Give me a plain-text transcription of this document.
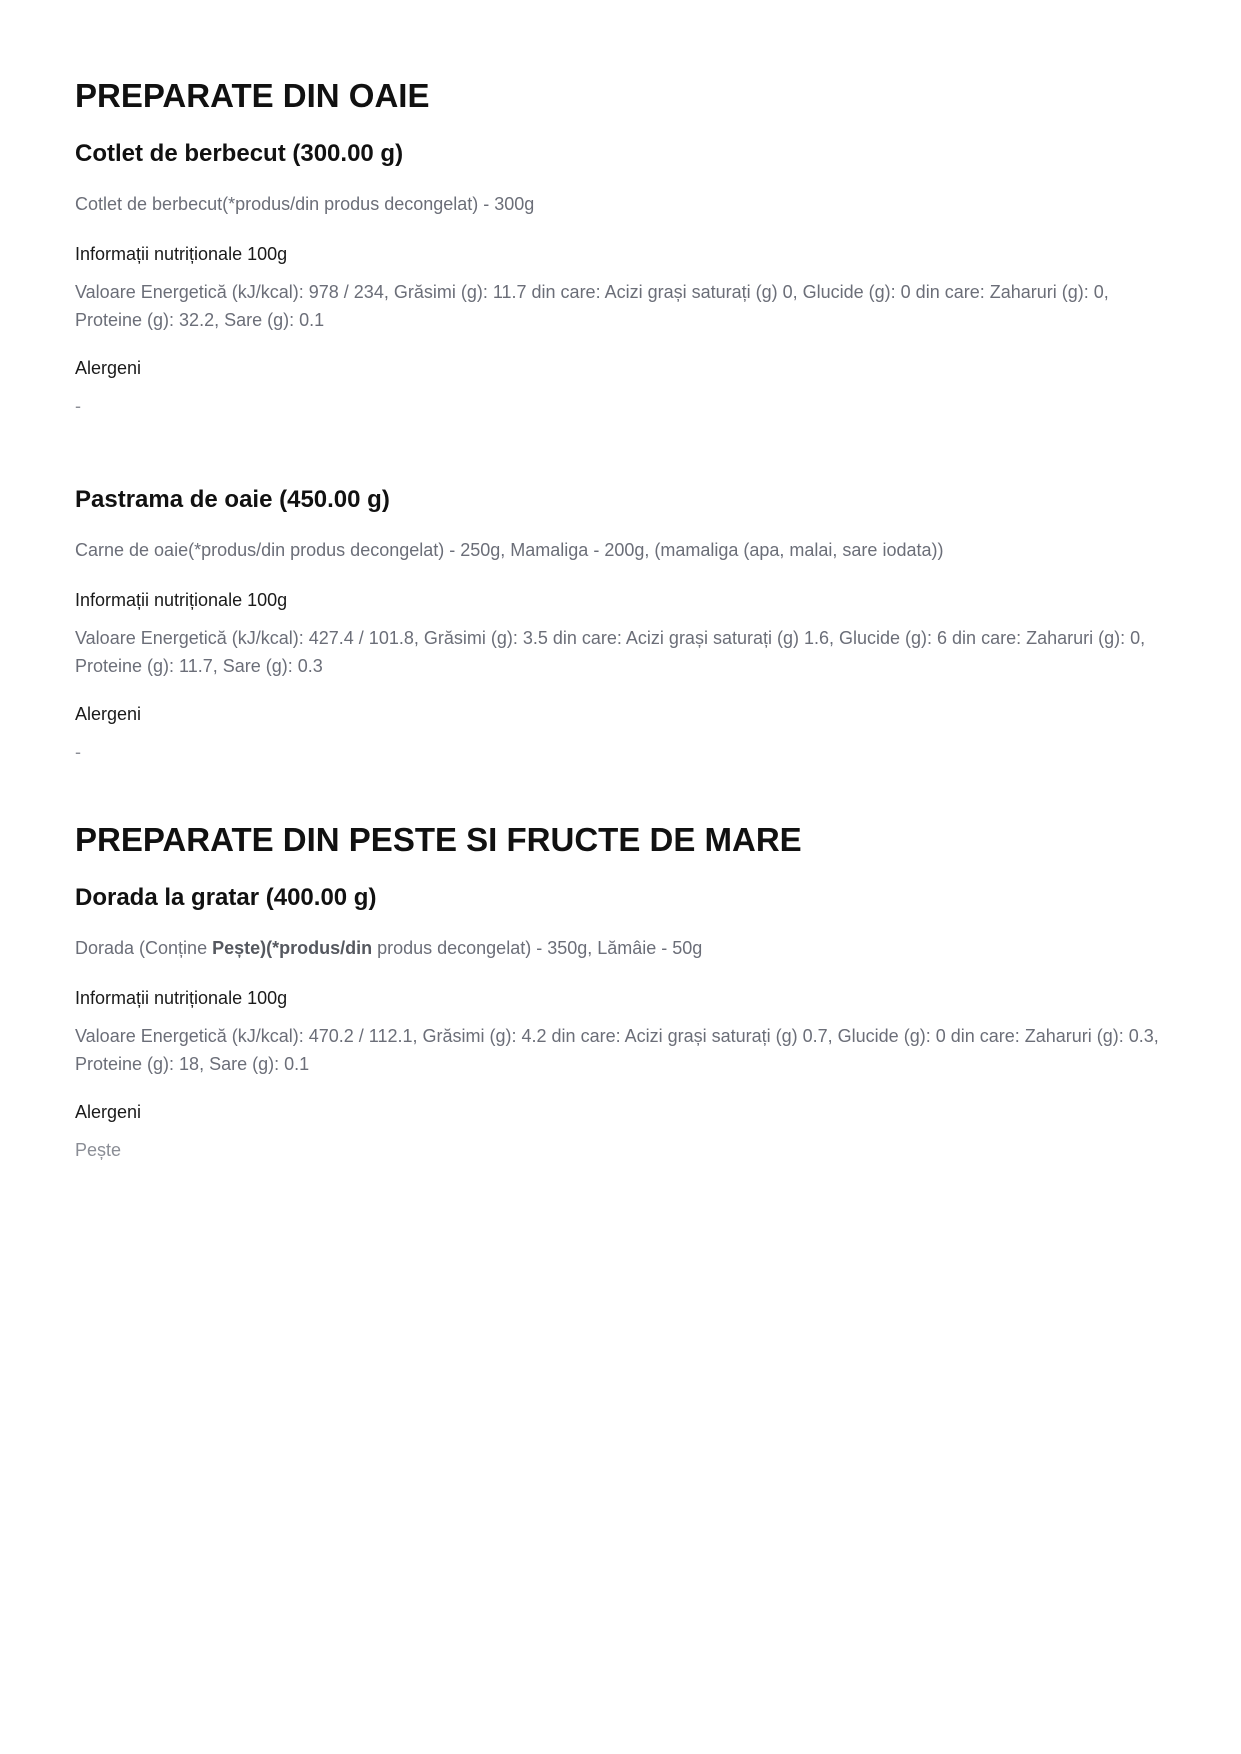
PREPARATE DIN OAIE
Cotlet de berbecut (300.00 g)

Cotlet de berbecut(*produs/din produs decongelat) - 300g

Informații nutriționale 100g

Valoare Energetică (kJ/kcal): 978 / 234, Grăsimi (g): 11.7 din care: Acizi grași saturați (g) 0, Glucide (g): 0 din care: Zaharuri (g): 0, Proteine (g): 32.2, Sare (g): 0.1

Alergeni

-

Pastrama de oaie (450.00 g)

Carne de oaie(*produs/din produs decongelat) - 250g, Mamaliga - 200g, (mamaliga (apa, malai, sare iodata))

Informații nutriționale 100g

Valoare Energetică (kJ/kcal): 427.4 / 101.8, Grăsimi (g): 3.5 din care: Acizi grași saturați (g) 1.6, Glucide (g): 6 din care: Zaharuri (g): 0, Proteine (g): 11.7, Sare (g): 0.3

Alergeni

-

PREPARATE DIN PESTE SI FRUCTE DE MARE
Dorada la gratar (400.00 g)

Dorada (Conține Pește)(*produs/din produs decongelat) - 350g, Lămâie - 50g

Informații nutriționale 100g

Valoare Energetică (kJ/kcal): 470.2 / 112.1, Grăsimi (g): 4.2 din care: Acizi grași saturați (g) 0.7, Glucide (g): 0 din care: Zaharuri (g): 0.3, Proteine (g): 18, Sare (g): 0.1

Alergeni

Pește
